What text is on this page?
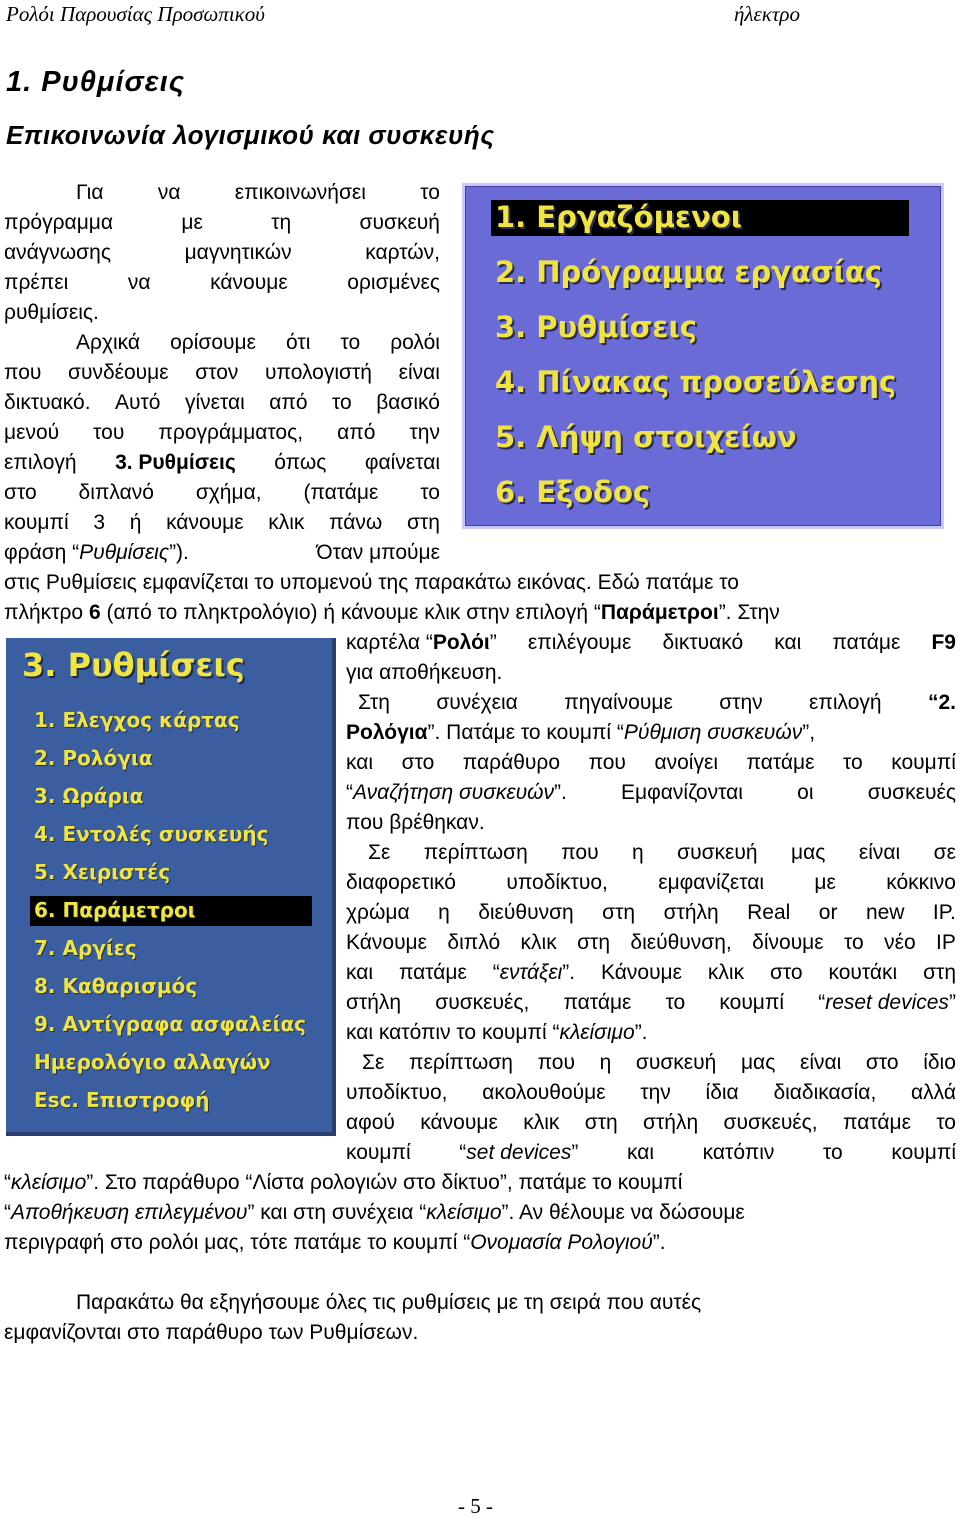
Ρολόι Παρουσίας Προσωπικού	ήλεκτρο
1. Ρυθμίσεις
Επικοινωνία λογισμικού και συσκευής
Για	να	επικοινωνήσει	το
πρόγραμμα	με	τη	συσκευή
ανάγνωσης	μαγνητικών	καρτών,
πρέπει	να	κάνουμε	ορισμένες
ρυθμίσεις.
Αρχικά ορίσουμε ότι το ρολόι
που συνδέουμε στον υπολογιστή είναι
δικτυακό. Αυτό γίνεται από το βασικό
μενού του προγράμματος, από την
επιλογή 3. Ρυθμίσεις όπως φαίνεται
στο διπλανό σχήμα, (πατάμε το
κουμπί 3 ή κάνουμε κλικ πάνω στη
φράση “Ρυθμίσεις”).	Όταν μπούμε
στις Ρυθμίσεις εμφανίζεται το υπομενού της παρακάτω εικόνας. Εδώ πατάμε το
πλήκτρο 6 (από το πληκτρολόγιο) ή κάνουμε κλικ στην επιλογή “Παράμετροι”. Στην
1. Εργαζόμενοι
2. Πρόγραμμα εργασίας
3. Ρυθμίσεις
4. Πίνακας προσεύλεσης
5. Λήψη στοιχείων
6. Εξοδος
3. Ρυθμίσεις
1. Ελεγχος κάρτας
2. Ρολόγια
3. Ωράρια
4. Εντολές συσκευής
5. Χειριστές
6. Παράμετροι
7. Αργίες
8. Καθαρισμός
9. Αντίγραφα ασφαλείας
Ημερολόγιο αλλαγών
Esc. Επιστροφή
καρτέλα “Ρολόι” επιλέγουμε δικτυακό και πατάμε F9
για αποθήκευση.
Στη συνέχεια πηγαίνουμε στην επιλογή “2.
Ρολόγια”. Πατάμε το κουμπί “Ρύθμιση συσκευών”,
και στο παράθυρο που ανοίγει πατάμε το κουμπί
“Αναζήτηση συσκευών”.	Εμφανίζονται	οι	συσκευές
που βρέθηκαν.
Σε περίπτωση που η συσκευή μας είναι σε
διαφορετικό υποδίκτυο, εμφανίζεται με κόκκινο
χρώμα η διεύθυνση στη στήλη Real or new IP.
Κάνουμε διπλό κλικ στη διεύθυνση, δίνουμε το νέο IP
και πατάμε “εντάξει”. Κάνουμε κλικ στο κουτάκι στη
στήλη συσκευές, πατάμε το κουμπί “reset devices”
και κατόπιν το κουμπί “κλείσιμο”.
Σε περίπτωση που η συσκευή μας είναι στο ίδιο
υποδίκτυο, ακολουθούμε την ίδια διαδικασία, αλλά
αφού κάνουμε κλικ στη στήλη συσκευές, πατάμε το
κουμπί “set devices” και κατόπιν το κουμπί
“κλείσιμο”. Στο παράθυρο “Λίστα ρολογιών στο δίκτυο”, πατάμε το κουμπί
“Αποθήκευση επιλεγμένου” και στη συνέχεια “κλείσιμο”. Αν θέλουμε να δώσουμε
περιγραφή στο ρολόι μας, τότε πατάμε το κουμπί “Ονομασία Ρολογιού”.
Παρακάτω θα εξηγήσουμε όλες τις ρυθμίσεις με τη σειρά που αυτές
εμφανίζονται στο παράθυρο των Ρυθμίσεων.
- 5 -
